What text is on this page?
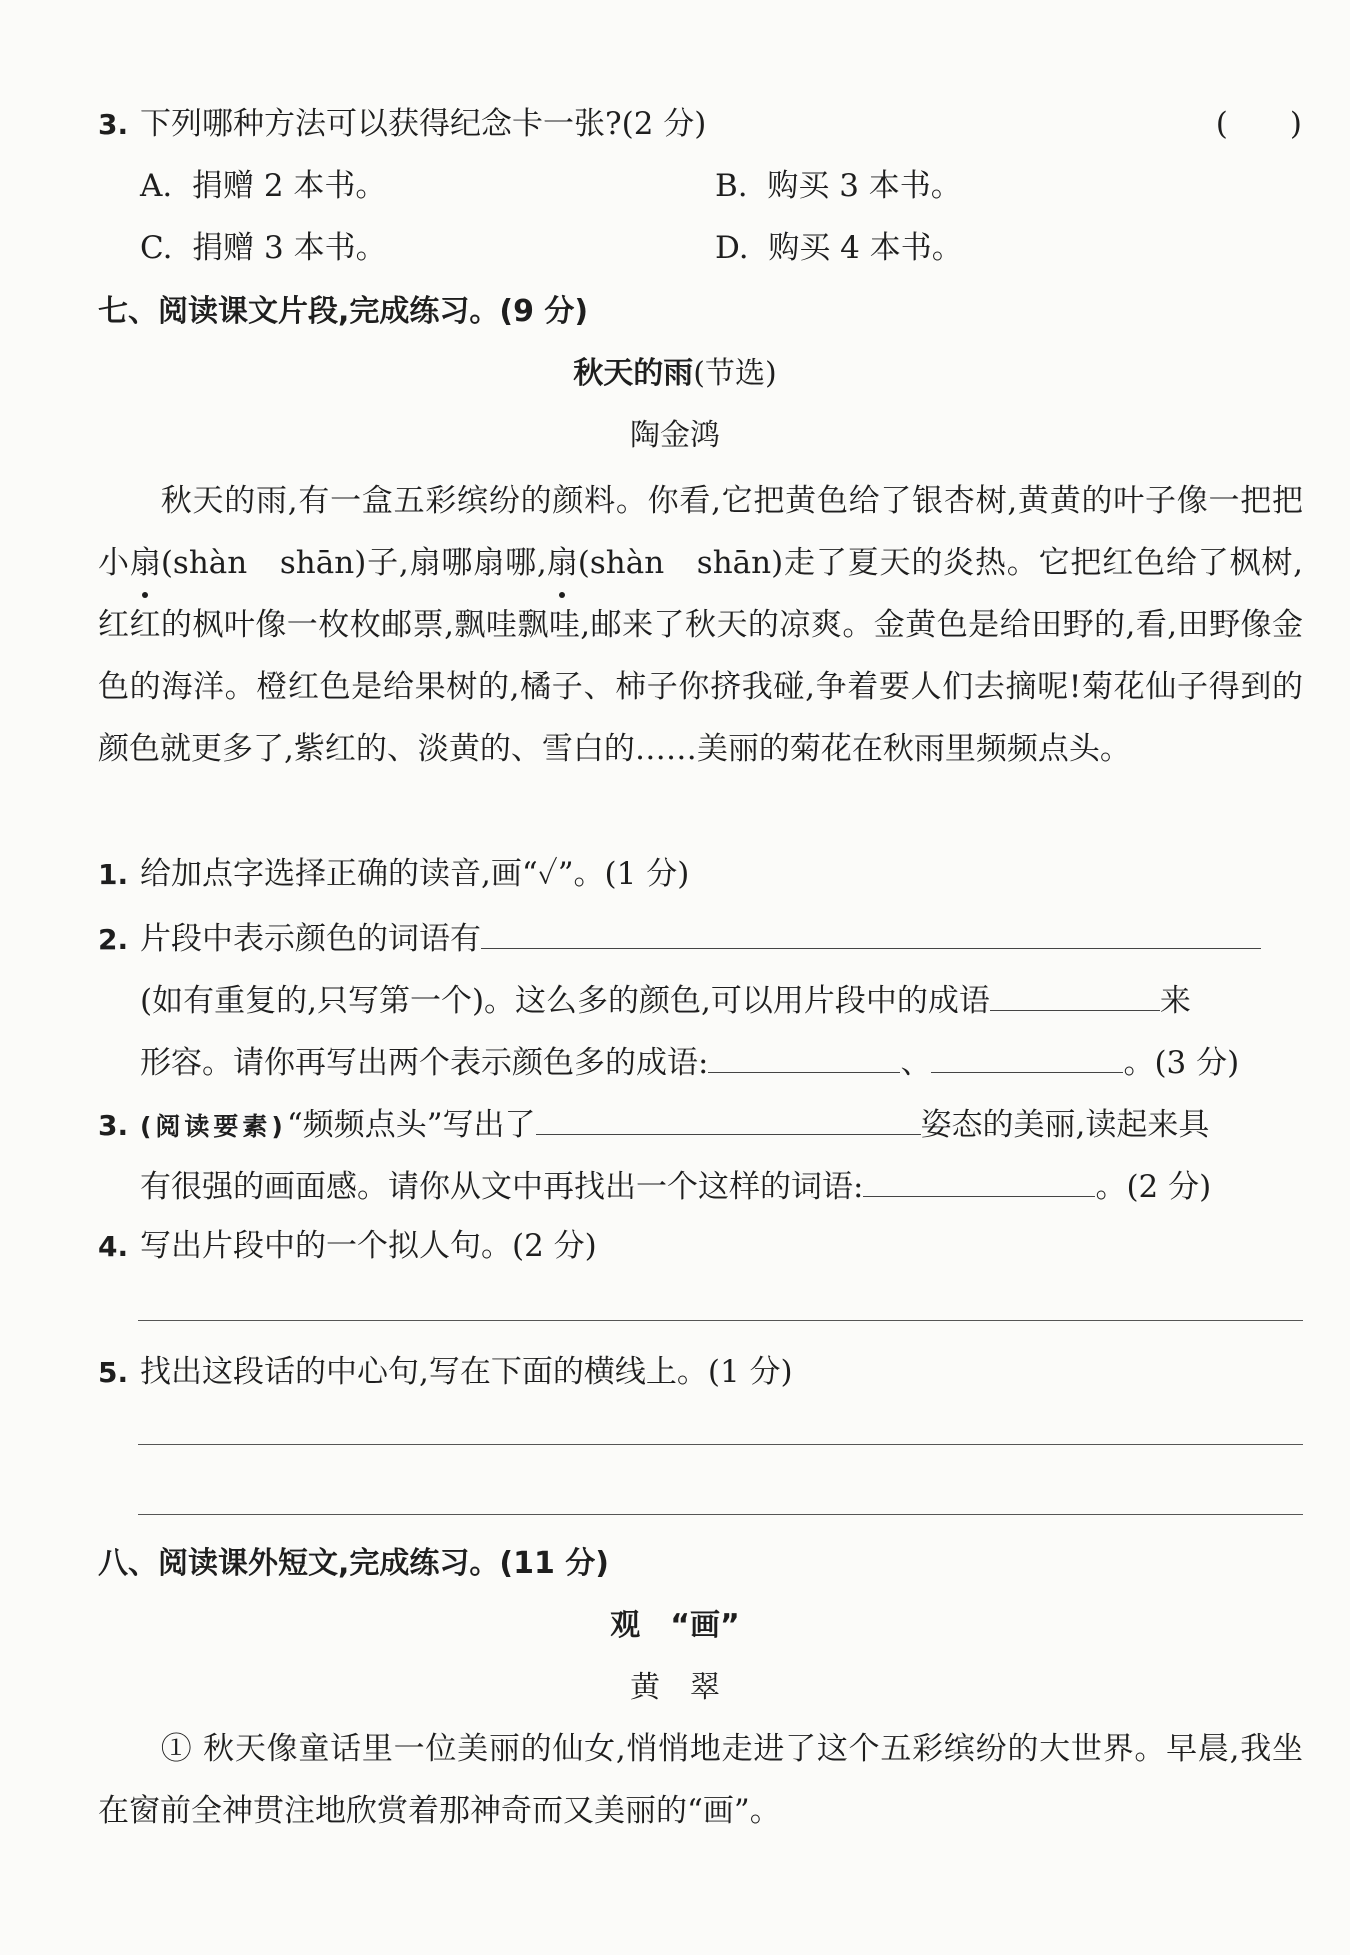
3. 下列哪种方法可以获得纪念卡一张?(2 分)	(　　)
A. 捐赠 2 本书。	B. 购买 3 本书。
C. 捐赠 3 本书。	D. 购买 4 本书。
七、阅读课文片段,完成练习。(9 分)
秋天的雨(节选)
陶金鸿
秋天的雨,有一盒五彩缤纷的颜料。你看,它把黄色给了银杏树,黄黄的叶子像一把把小扇(shàn　shān)子,扇哪扇哪,扇(shàn　shān)走了夏天的炎热。它把红色给了枫树,红红的枫叶像一枚枚邮票,飘哇飘哇,邮来了秋天的凉爽。金黄色是给田野的,看,田野像金色的海洋。橙红色是给果树的,橘子、柿子你挤我碰,争着要人们去摘呢!菊花仙子得到的颜色就更多了,紫红的、淡黄的、雪白的……美丽的菊花在秋雨里频频点头。
1. 给加点字选择正确的读音,画“✓”。(1 分)
2. 片段中表示颜色的词语有
(如有重复的,只写第一个)。这么多的颜色,可以用片段中的成语	来
形容。请你再写出两个表示颜色多的成语:	、	。(3 分)
3. (阅读要素)“频频点头”写出了	姿态的美丽,读起来具
有很强的画面感。请你从文中再找出一个这样的词语:	。(2 分)
4. 写出片段中的一个拟人句。(2 分)
5. 找出这段话的中心句,写在下面的横线上。(1 分)
八、阅读课外短文,完成练习。(11 分)
观　“画”
黄　翠
① 秋天像童话里一位美丽的仙女,悄悄地走进了这个五彩缤纷的大世界。早晨,我坐在窗前全神贯注地欣赏着那神奇而又美丽的“画”。
